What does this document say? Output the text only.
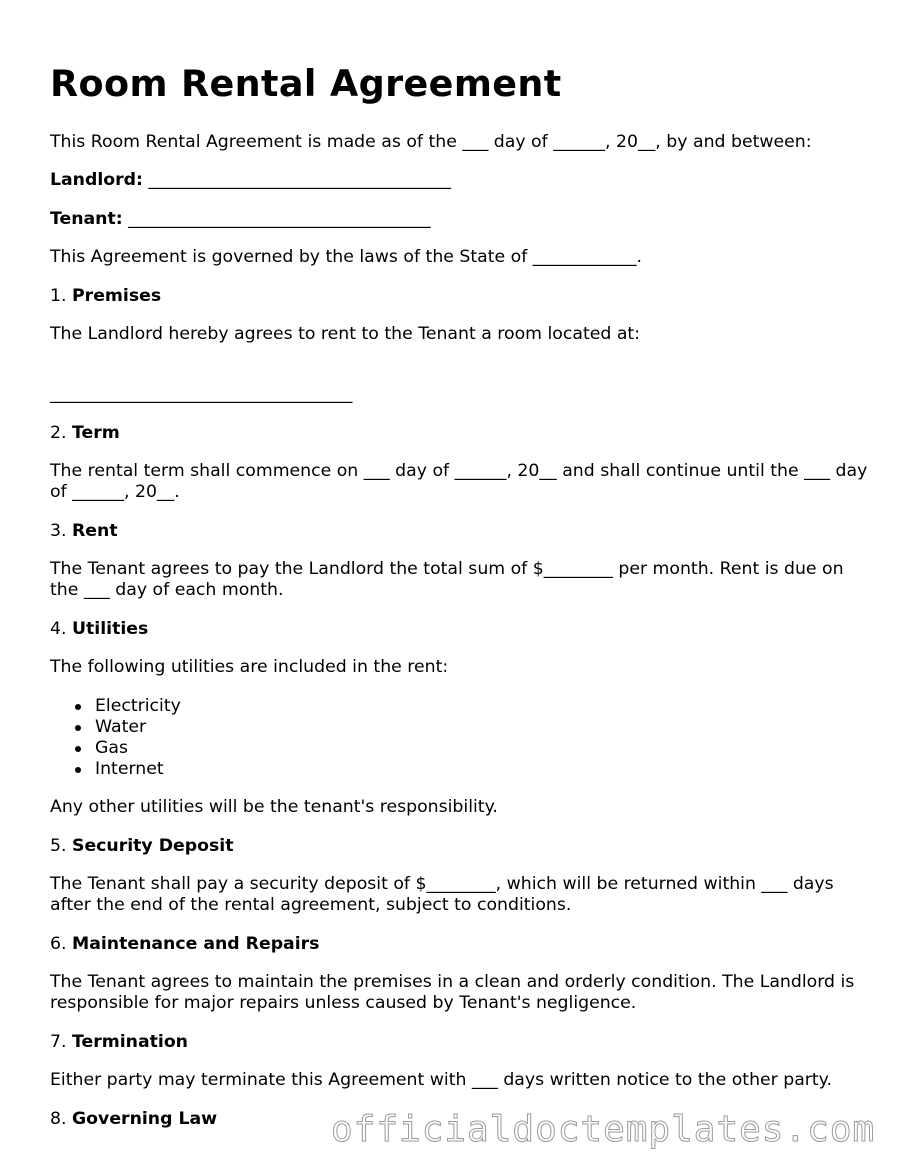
Room Rental Agreement

This Room Rental Agreement is made as of the ___ day of ______, 20__, by and between:

Landlord: ___________________________________

Tenant: ___________________________________

This Agreement is governed by the laws of the State of ____________.

1. Premises

The Landlord hereby agrees to rent to the Tenant a room located at:

___________________________________

2. Term

The rental term shall commence on ___ day of ______, 20__ and shall continue until the ___ day of ______, 20__.

3. Rent

The Tenant agrees to pay the Landlord the total sum of $________ per month. Rent is due on the ___ day of each month.

4. Utilities

The following utilities are included in the rent:

Electricity
Water
Gas
Internet

Any other utilities will be the tenant's responsibility.

5. Security Deposit

The Tenant shall pay a security deposit of $________, which will be returned within ___ days after the end of the rental agreement, subject to conditions.

6. Maintenance and Repairs

The Tenant agrees to maintain the premises in a clean and orderly condition. The Landlord is responsible for major repairs unless caused by Tenant's negligence.

7. Termination

Either party may terminate this Agreement with ___ days written notice to the other party.

8. Governing Law	officialdoctemplates.com
